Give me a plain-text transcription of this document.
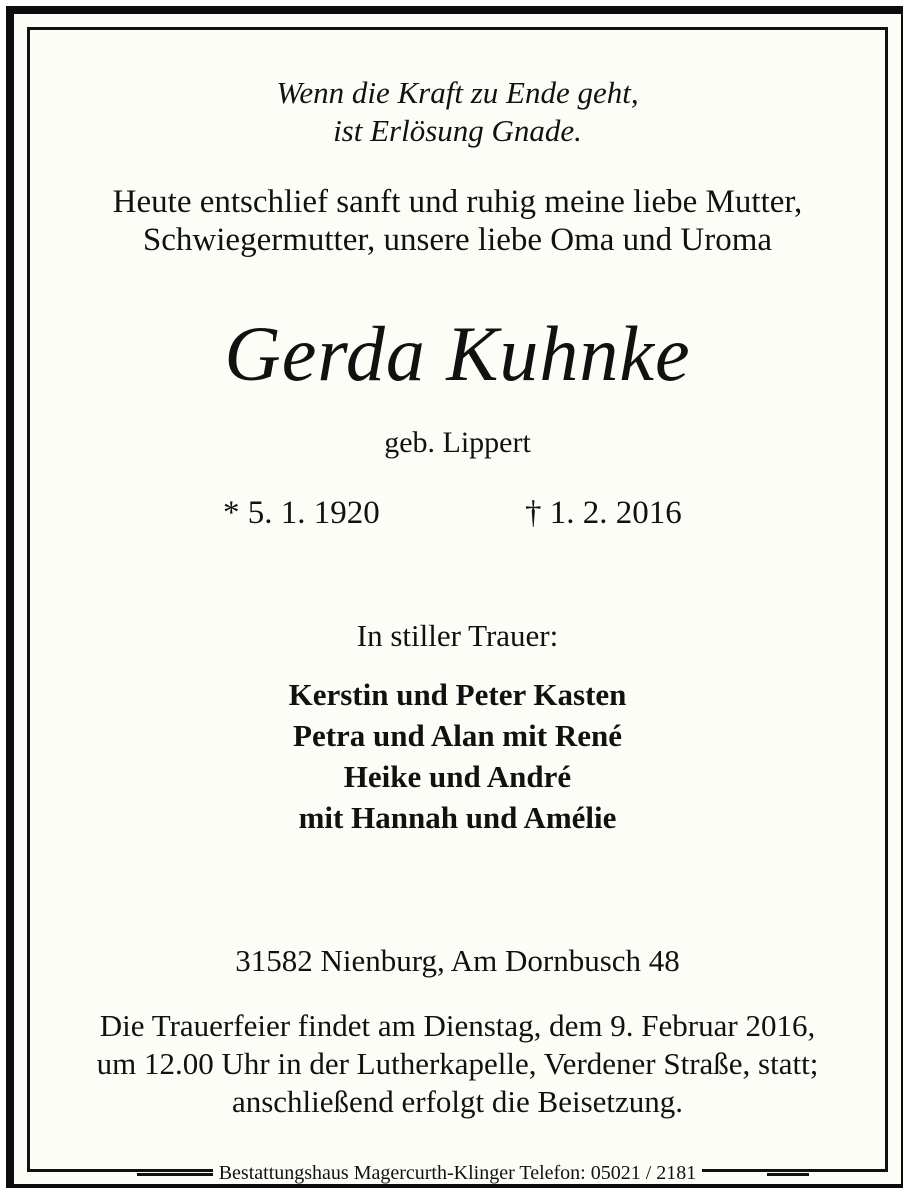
Wenn die Kraft zu Ende geht,
ist Erlösung Gnade.
Heute entschlief sanft und ruhig meine liebe Mutter,
Schwiegermutter, unsere liebe Oma und Uroma
Gerda Kuhnke
geb. Lippert
* 5. 1. 1920	† 1. 2. 2016
In stiller Trauer:
Kerstin und Peter Kasten
Petra und Alan mit René
Heike und André
mit Hannah und Amélie
31582 Nienburg, Am Dornbusch 48
Die Trauerfeier findet am Dienstag, dem 9. Februar 2016,
um 12.00 Uhr in der Lutherkapelle, Verdener Straße, statt;
anschließend erfolgt die Beisetzung.
Bestattungshaus Magercurth-Klinger Telefon: 05021 / 2181
